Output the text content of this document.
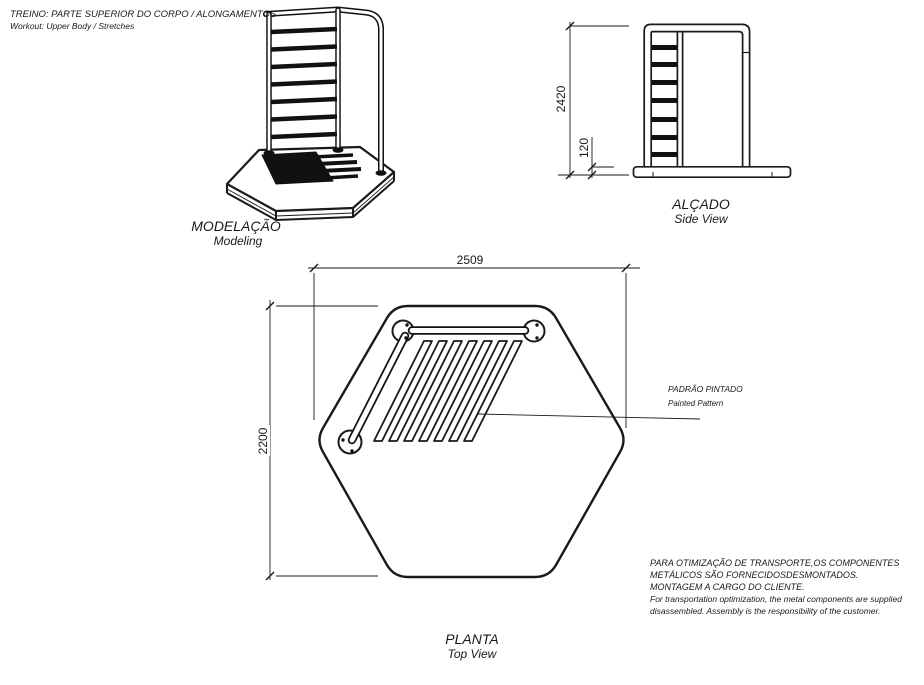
TREINO: PARTE SUPERIOR DO CORPO / ALONGAMENTOS
Workout: Upper Body / Stretches
MODELAÇÃO
Modeling
ALÇADO
Side View
PLANTA
Top View
2509
2420
120
2200
PADRÃO PINTADO
Painted Pattern
PARA OTIMIZAÇÃO DE TRANSPORTE,OS COMPONENTES
METÁLICOS SÃO FORNECIDOSDESMONTADOS.
MONTAGEM A CARGO DO CLIENTE.
For transportation optimization, the metal components are supplied
disassembled. Assembly is the responsibility of the customer.
